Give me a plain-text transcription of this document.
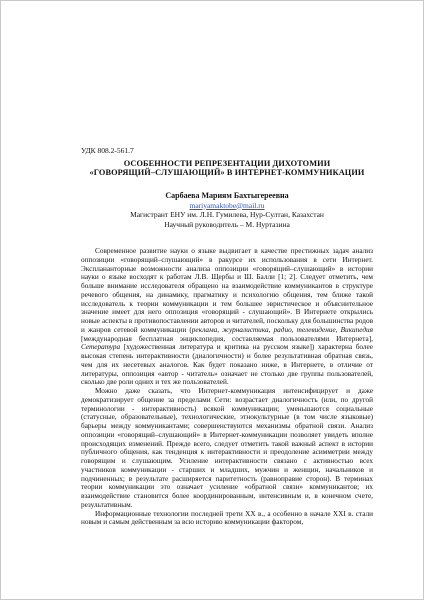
УДК 808.2-561.7
ОСОБЕННОСТИ РЕПРЕЗЕНТАЦИИ ДИХОТОМИИ
«ГОВОРЯЩИЙ–СЛУШАЮЩИЙ» В ИНТЕРНЕТ-КОММУНИКАЦИИ
Сарбаева Мариям Бахтыгереевна
mariyamaktobe@mail.ru
Магистрант ЕНУ им. Л.Н. Гумилева, Нур-Султан, Казахстан
Научный руководитель – М. Нуртазина

Современное развитие науки о языке выдвигает в качестве престижных задач анализ оппозиции «говорящий–слушающий» в ракурсе их использования в сети Интернет. Эксплананторные возможности анализа оппозиции «говорящий–слушающий» в истории науки о языке восходят к работам Л.В. Щербы и Ш. Балли [1; 2]. Следует отметить, чем больше внимание исследователя обращено на взаимодействие коммуникантов в структуре речевого общения, на динамику, прагматику и психологию общения, тем ближе такой исследователь к теории коммуникации и тем большее эвристическое и объяснительное значение имеет для него оппозиция «говорящий - слушающий». В Интернете открылись новые аспекты в противопоставлении авторов и читателей, поскольку для большинства родов и жанров сетевой коммуникации (реклама, журналистика, радио, телевидение, Википедия [международная бесплатная энциклопедия, составляемая пользователями Интернета], Сетература [художественная литература и критика на русском языке]) характерна более высокая степень интерактивности (диалогичности) и более результативная обратная связь, чем для их несетевых аналогов. Как будет показано ниже, в Интернете, в отличие от литературы, оппозиция «автор - читатель» означает не столько две группы пользователей, сколько две роли одних и тех же пользователей.

Можно даже сказать, что Интернет-коммуникация интенсифицирует и даже демократизирует общение за пределами Сети: возрастает диалогичность (или, по другой терминологии - интерактивность) всякой коммуникации; уменьшаются социальные (статусные, образовательные), технологические, этнокультурные (в том числе языковые) барьеры между коммуникантами; совершенствуются механизмы обратной связи. Анализ оппозиции «говорящий–слушающий» в Интернет-коммуникации позволяет увидеть вполне происходящих изменений. Прежде всего, следует отметить такой важный аспект в истории публичного общения, как тенденция к интерактивности и преодоление асимметрии между говорящим и слушающим. Усиление интерактивности связано с активностью всех участников коммуникации - старших и младших, мужчин и женщин, начальников и подчиненных; в результате расширяется паритетность (равноправие сторон). В терминах теории коммуникации это означает усиление «обратной связи» коммуникантов; их взаимодействие становится более координированным, интенсивным и, в конечном счете, результативным.

Информационные технологии последней трети XX в., а особенно в начале XXI в. стали новым и самым действенным за всю историю коммуникации фактором,
